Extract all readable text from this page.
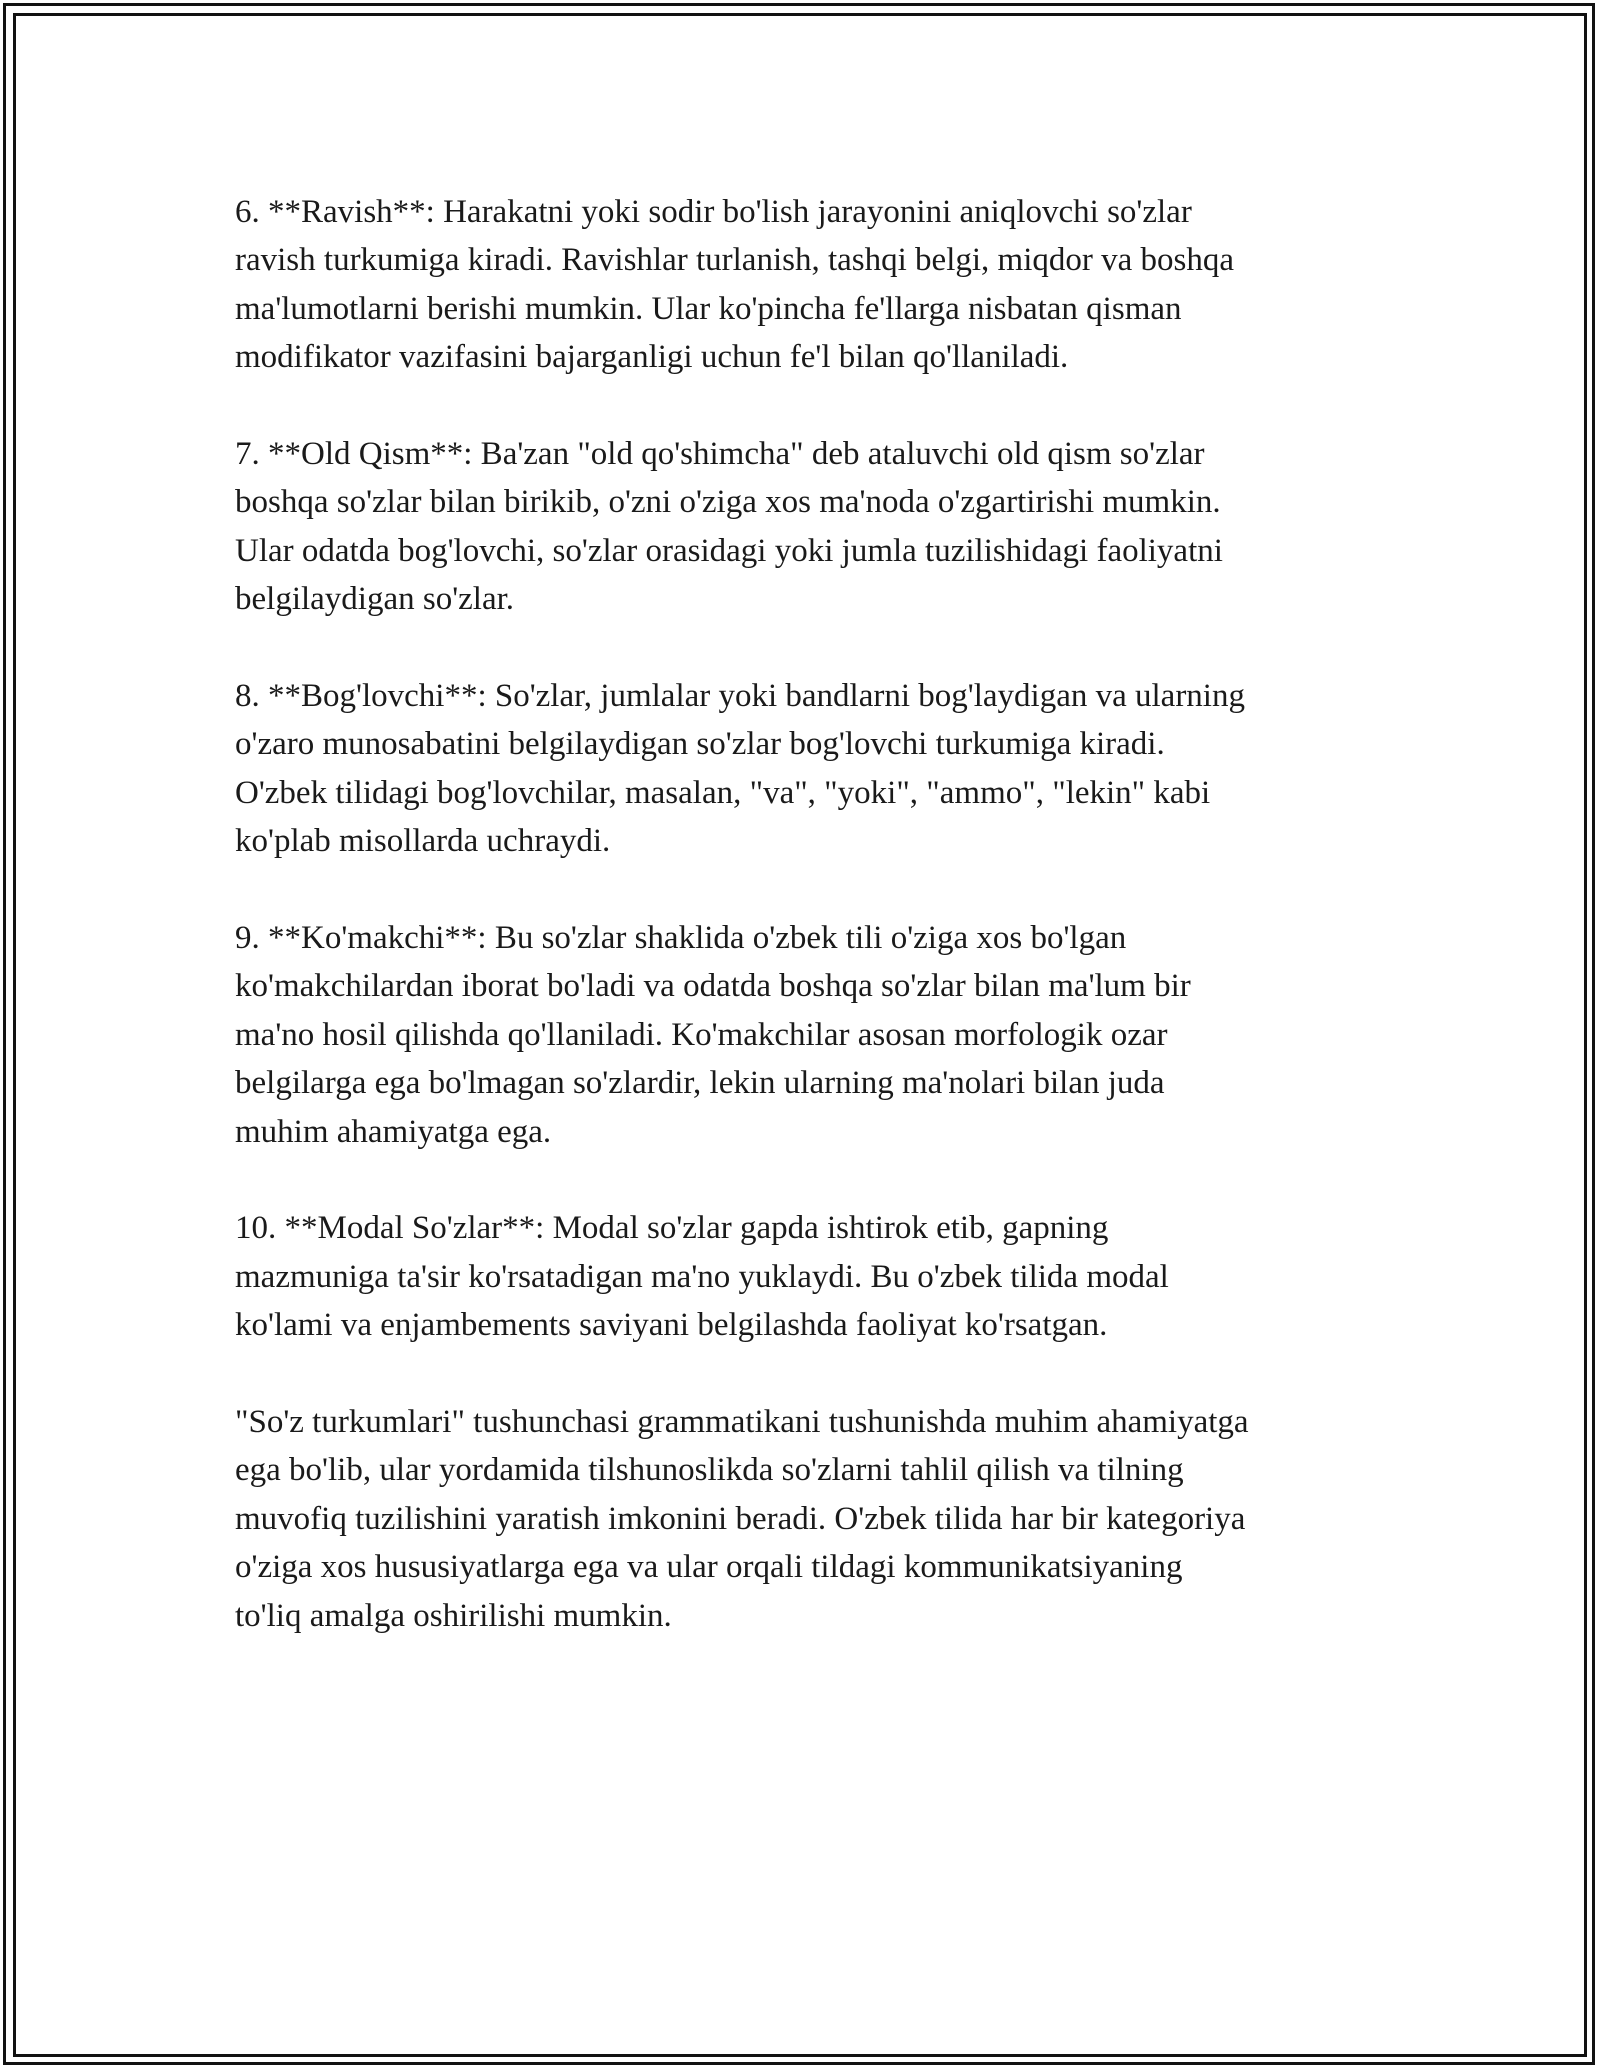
6. **Ravish**: Harakatni yoki sodir bo'lish jarayonini aniqlovchi so'zlar
ravish turkumiga kiradi. Ravishlar turlanish, tashqi belgi, miqdor va boshqa
ma'lumotlarni berishi mumkin. Ular ko'pincha fe'llarga nisbatan qisman
modifikator vazifasini bajarganligi uchun fe'l bilan qo'llaniladi.

7. **Old Qism**: Ba'zan "old qo'shimcha" deb ataluvchi old qism so'zlar
boshqa so'zlar bilan birikib, o'zni o'ziga xos ma'noda o'zgartirishi mumkin.
Ular odatda bog'lovchi, so'zlar orasidagi yoki jumla tuzilishidagi faoliyatni
belgilaydigan so'zlar.

8. **Bog'lovchi**: So'zlar, jumlalar yoki bandlarni bog'laydigan va ularning
o'zaro munosabatini belgilaydigan so'zlar bog'lovchi turkumiga kiradi.
O'zbek tilidagi bog'lovchilar, masalan, "va", "yoki", "ammo", "lekin" kabi
ko'plab misollarda uchraydi.

9. **Ko'makchi**: Bu so'zlar shaklida o'zbek tili o'ziga xos bo'lgan
ko'makchilardan iborat bo'ladi va odatda boshqa so'zlar bilan ma'lum bir
ma'no hosil qilishda qo'llaniladi. Ko'makchilar asosan morfologik ozar
belgilarga ega bo'lmagan so'zlardir, lekin ularning ma'nolari bilan juda
muhim ahamiyatga ega.

10. **Modal So'zlar**: Modal so'zlar gapda ishtirok etib, gapning
mazmuniga ta'sir ko'rsatadigan ma'no yuklaydi. Bu o'zbek tilida modal
ko'lami va enjambements saviyani belgilashda faoliyat ko'rsatgan.

"So'z turkumlari" tushunchasi grammatikani tushunishda muhim ahamiyatga
ega bo'lib, ular yordamida tilshunoslikda so'zlarni tahlil qilish va tilning
muvofiq tuzilishini yaratish imkonini beradi. O'zbek tilida har bir kategoriya
o'ziga xos hususiyatlarga ega va ular orqali tildagi kommunikatsiyaning
to'liq amalga oshirilishi mumkin.
